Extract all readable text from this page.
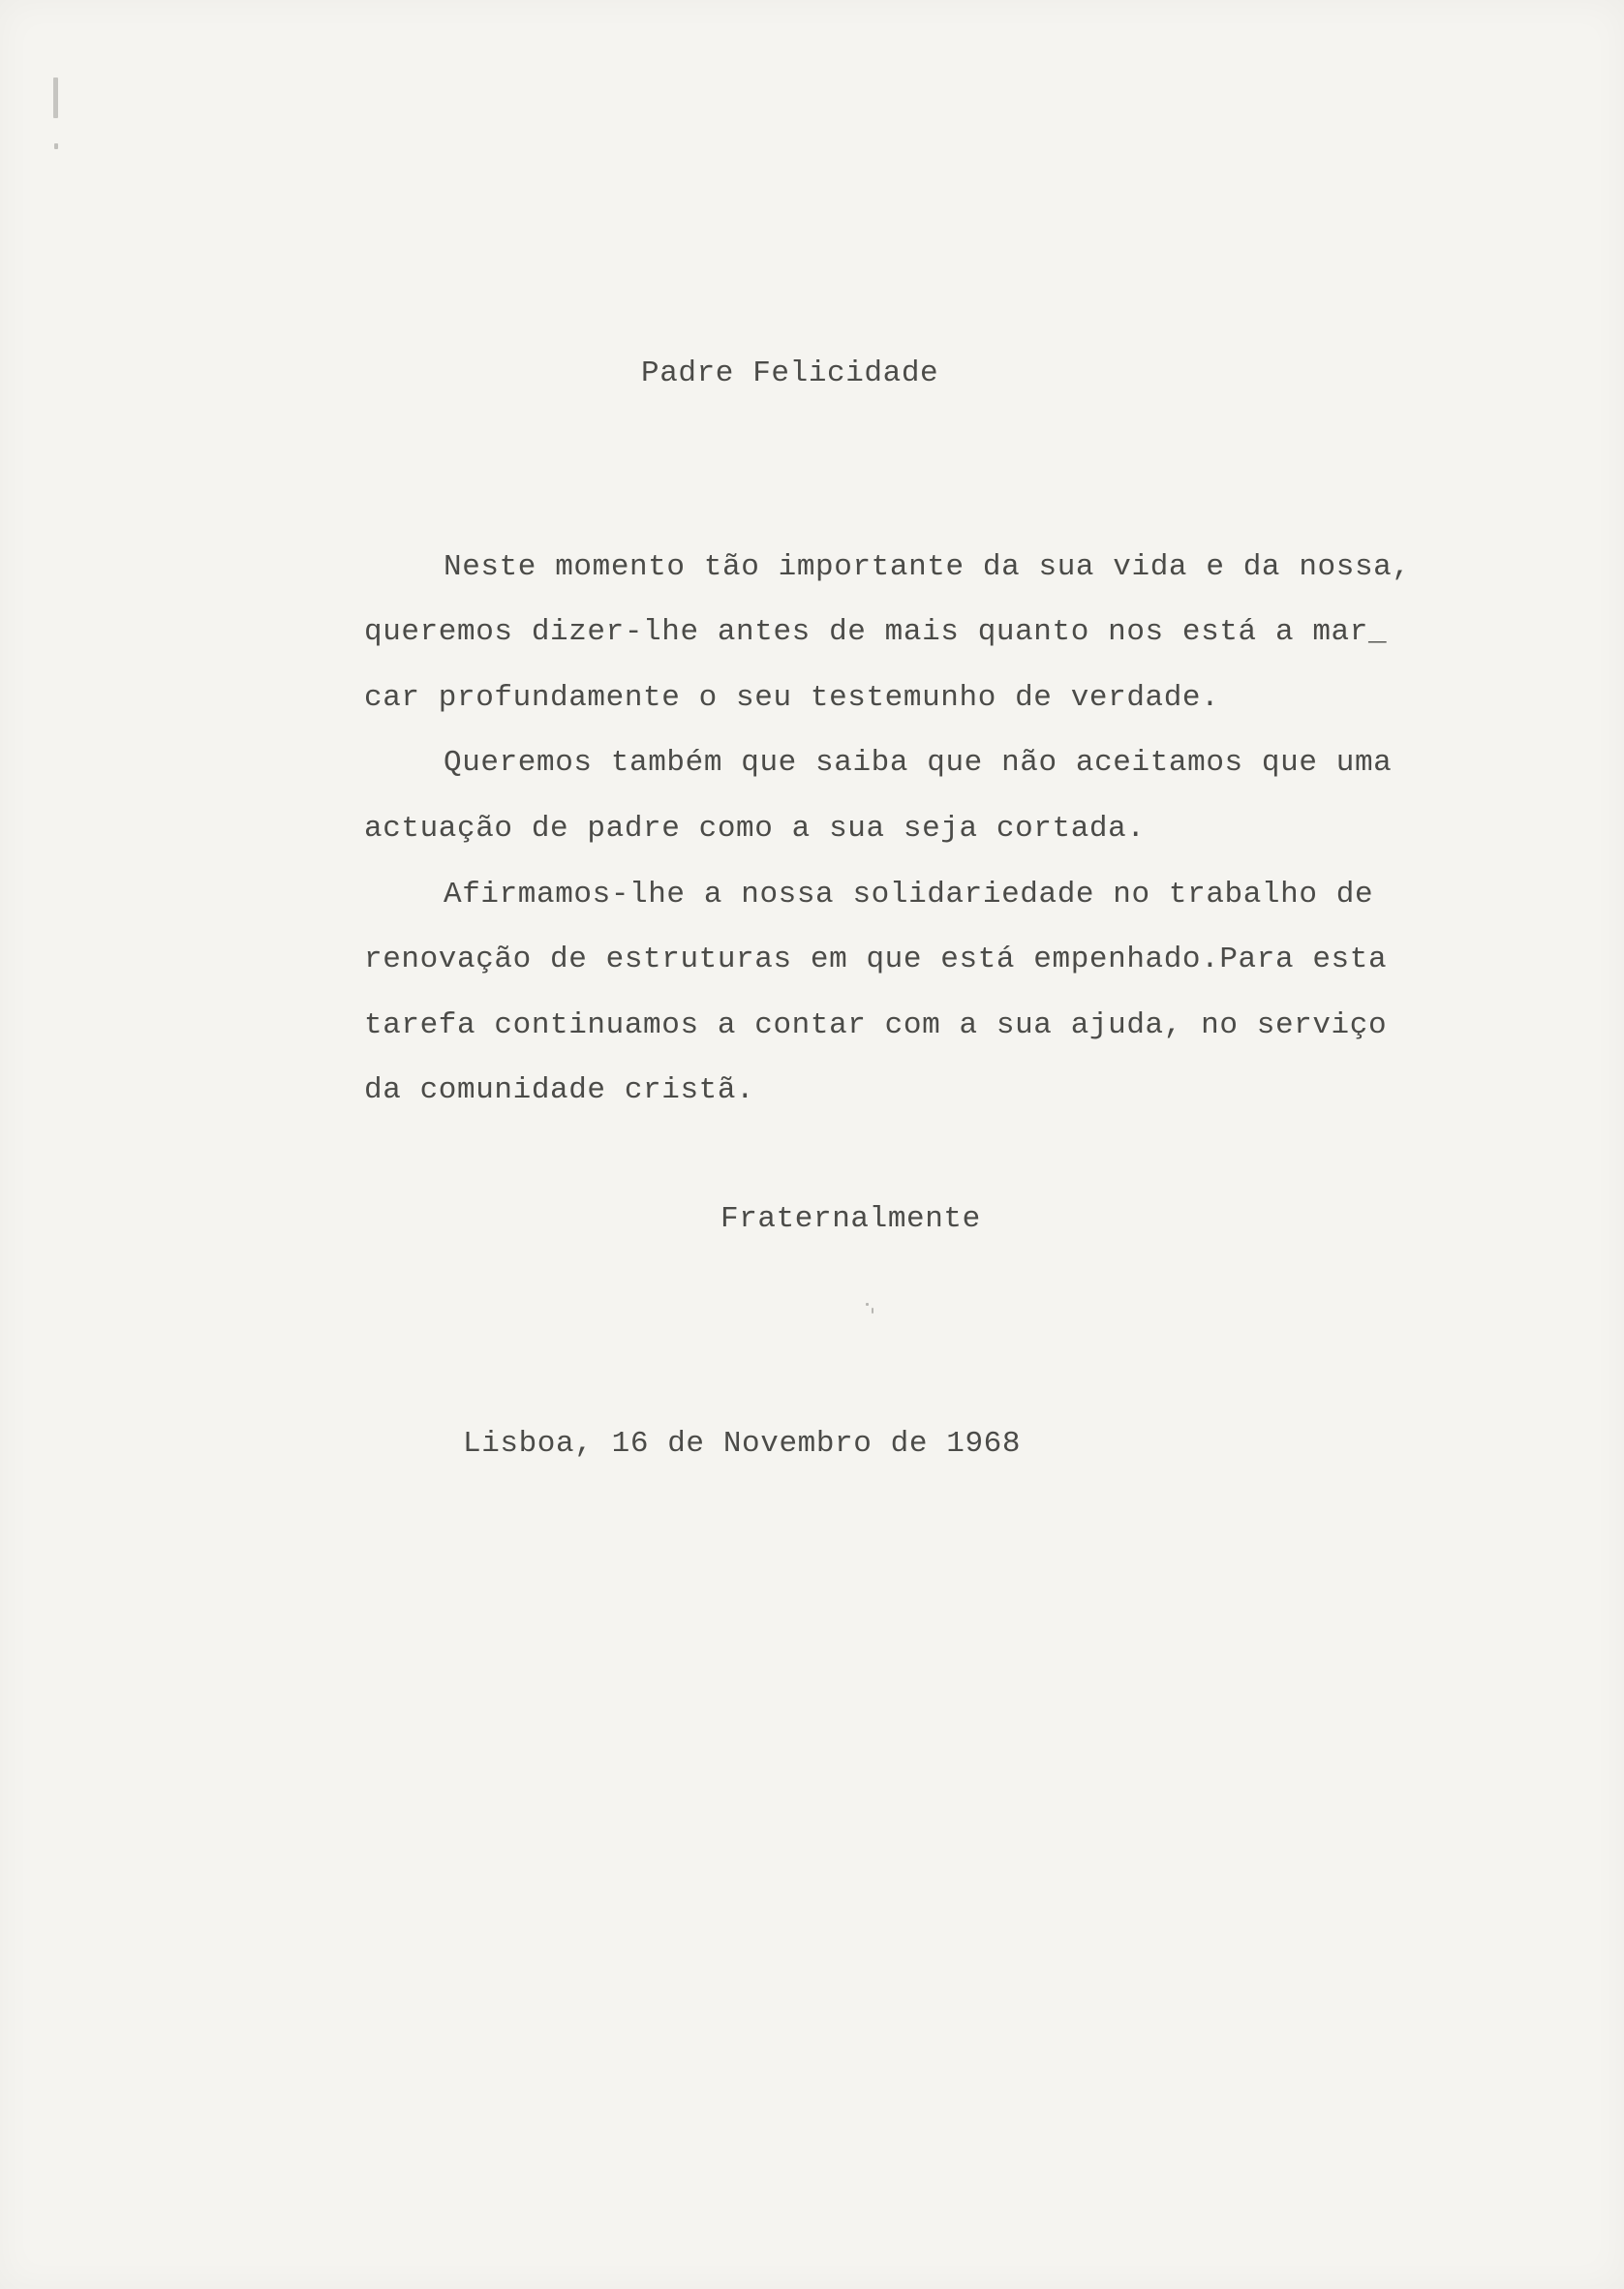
Padre Felicidade
Neste momento tão importante da sua vida e da nossa,
queremos dizer-lhe antes de mais quanto nos está a mar_
car profundamente o seu testemunho de verdade.
Queremos também que saiba que não aceitamos que uma
actuação de padre como a sua seja cortada.
Afirmamos-lhe a nossa solidariedade no trabalho de
renovação de estruturas em que está empenhado.Para esta
tarefa continuamos a contar com a sua ajuda, no serviço
da comunidade cristã.
Fraternalmente
Lisboa, 16 de Novembro de 1968
